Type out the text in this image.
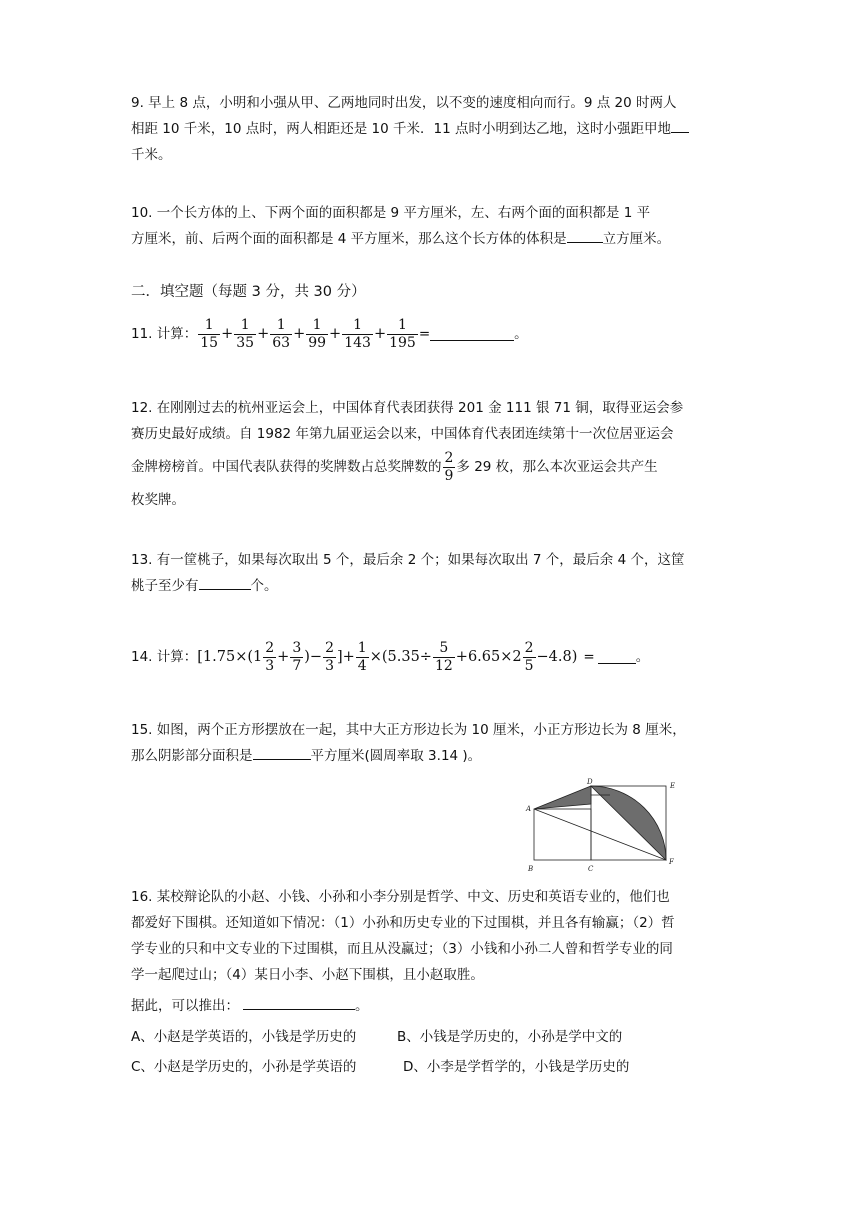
9. 早上 8 点，小明和小强从甲、乙两地同时出发，以不变的速度相向而行。9 点 20 时两人
相距 10 千米，10 点时，两人相距还是 10 千米．11 点时小明到达乙地，这时小强距甲地
千米。
10. 一个长方体的上、下两个面的面积都是 9 平方厘米，左、右两个面的面积都是 1 平
方厘米，前、后两个面的面积都是 4 平方厘米，那么这个长方体的体积是	立方厘米。
二．填空题（每题 3 分，共 30 分）
11. 计算： $\frac{1}{15} + \frac{1}{35} + \frac{1}{63} + \frac{1}{99} + \frac{1}{143} + \frac{1}{195}$ =	。
12. 在刚刚过去的杭州亚运会上，中国体育代表团获得 201 金 111 银 71 铜，取得亚运会参
赛历史最好成绩。自 1982 年第九届亚运会以来，中国体育代表团连续第十一次位居亚运会
金牌榜榜首。中国代表队获得的奖牌数占总奖牌数的 $\frac{2}{9}$ 多 29 枚，那么本次亚运会共产生
枚奖牌。
13. 有一筐桃子，如果每次取出 5 个，最后余 2 个；如果每次取出 7 个，最后余 4 个，这筐
桃子至少有	个。
14. 计算： [$1.75\times(1 \frac{2}{3} + \frac{3}{7}$ )− $\frac{2}{3}$ ]+ $\frac{1}{4} \times(5.35\div \frac{5}{12} +6.65\times 2 \frac{2}{5} -4.8)$ =	。
15. 如图，两个正方形摆放在一起，其中大正方形边长为 10 厘米，小正方形边长为 8 厘米，
那么阴影部分面积是	平方厘米(圆周率取 3.14 )。
A
B	C
D	E
F
16. 某校辩论队的小赵、小钱、小孙和小李分别是哲学、中文、历史和英语专业的，他们也
都爱好下围棋。还知道如下情况：（1）小孙和历史专业的下过围棋，并且各有输赢；（2）哲
学专业的只和中文专业的下过围棋，而且从没赢过；（3）小钱和小孙二人曾和哲学专业的同
学一起爬过山；（4）某日小李、小赵下围棋，且小赵取胜。
据此，可以推出：	。
A、小赵是学英语的，小钱是学历史的	B、小钱是学历史的，小孙是学中文的
C、小赵是学历史的，小孙是学英语的	D、小李是学哲学的，小钱是学历史的
